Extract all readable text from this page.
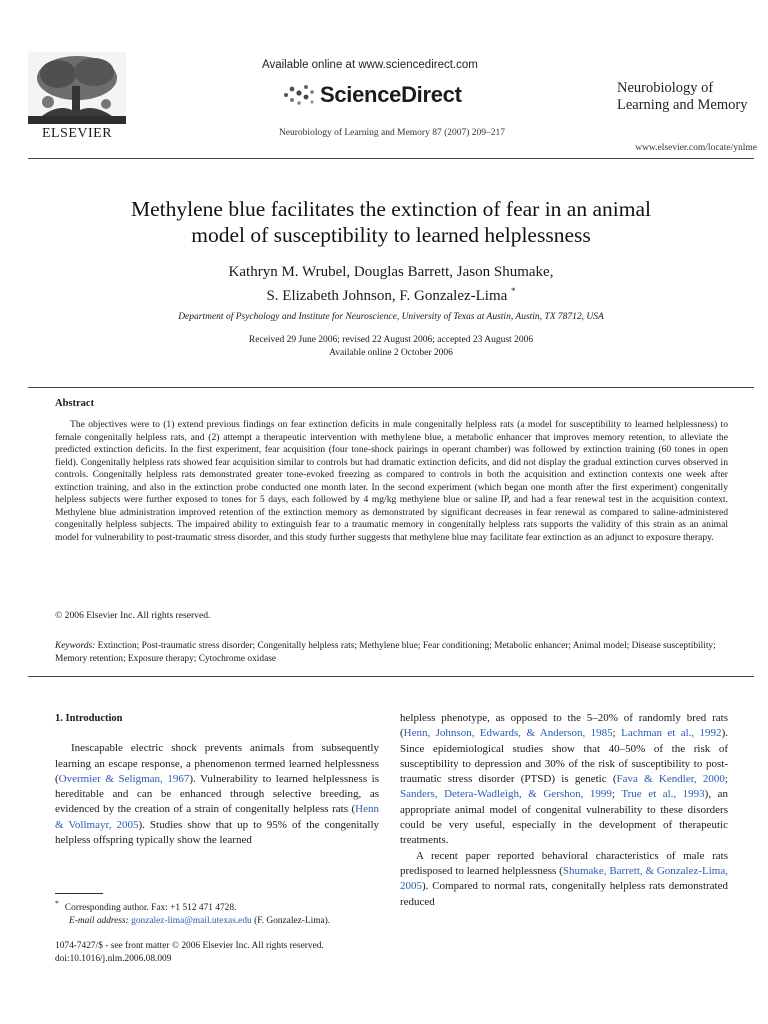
ELSEVIER
Available online at www.sciencedirect.com
ScienceDirect
Neurobiology of Learning and Memory 87 (2007) 209–217
Neurobiology of
Learning and Memory
www.elsevier.com/locate/ynlme
Methylene blue facilitates the extinction of fear in an animal
model of susceptibility to learned helplessness
Kathryn M. Wrubel, Douglas Barrett, Jason Shumake,
S. Elizabeth Johnson, F. Gonzalez-Lima *
Department of Psychology and Institute for Neuroscience, University of Texas at Austin, Austin, TX 78712, USA
Received 29 June 2006; revised 22 August 2006; accepted 23 August 2006
Available online 2 October 2006
Abstract

The objectives were to (1) extend previous findings on fear extinction deficits in male congenitally helpless rats (a model for susceptibility to learned helplessness) to female congenitally helpless rats, and (2) attempt a therapeutic intervention with methylene blue, a metabolic enhancer that improves memory retention, to alleviate the predicted extinction deficits. In the first experiment, fear acquisition (four tone-shock pairings in operant chamber) was followed by extinction training (60 tones in open field). Congenitally helpless rats showed fear acquisition similar to controls but had dramatic extinction deficits, and did not display the gradual extinction curves observed in controls. Congenitally helpless rats demonstrated greater tone-evoked freezing as compared to controls in both the acquisition and extinction contexts one week after extinction training, and also in the extinction probe conducted one month later. In the second experiment (which began one month after the first experiment) congenitally helpless subjects were further exposed to tones for 5 days, each followed by 4 mg/kg methylene blue or saline IP, and had a fear renewal test in the acquisition context. Methylene blue administration improved retention of the extinction memory as demonstrated by significant decreases in fear renewal as compared to saline-administered congenitally helpless subjects. The impaired ability to extinguish fear to a traumatic memory in congenitally helpless rats supports the validity of this strain as an animal model for vulnerability to post-traumatic stress disorder, and this study further suggests that methylene blue may facilitate fear extinction as an adjunct to exposure therapy.

© 2006 Elsevier Inc. All rights reserved.
Keywords: Extinction; Post-traumatic stress disorder; Congenitally helpless rats; Methylene blue; Fear conditioning; Metabolic enhancer; Animal model; Disease susceptibility; Memory retention; Exposure therapy; Cytochrome oxidase
1. Introduction

Inescapable electric shock prevents animals from subsequently learning an escape response, a phenomenon termed learned helplessness (Overmier & Seligman, 1967). Vulnerability to learned helplessness is hereditable and can be enhanced through selective breeding, as evidenced by the creation of a strain of congenitally helpless rats (Henn & Vollmayr, 2005). Studies show that up to 95% of the congenitally helpless offspring typically show the learned

* Corresponding author. Fax: +1 512 471 4728.
E-mail address: gonzalez-lima@mail.utexas.edu (F. Gonzalez-Lima).
1074-7427/$ - see front matter © 2006 Elsevier Inc. All rights reserved.
doi:10.1016/j.nlm.2006.08.009

helpless phenotype, as opposed to the 5–20% of randomly bred rats (Henn, Johnson, Edwards, & Anderson, 1985; Lachman et al., 1992). Since epidemiological studies show that 40–50% of the risk of susceptibility to depression and 30% of the risk of susceptibility to post-traumatic stress disorder (PTSD) is genetic (Fava & Kendler, 2000; Sanders, Detera-Wadleigh, & Gershon, 1999; True et al., 1993), an appropriate animal model of congenital vulnerability to these disorders could be very useful, especially in the development of therapeutic treatments.

A recent paper reported behavioral characteristics of male rats predisposed to learned helplessness (Shumake, Barrett, & Gonzalez-Lima, 2005). Compared to normal rats, congenitally helpless rats demonstrated reduced
